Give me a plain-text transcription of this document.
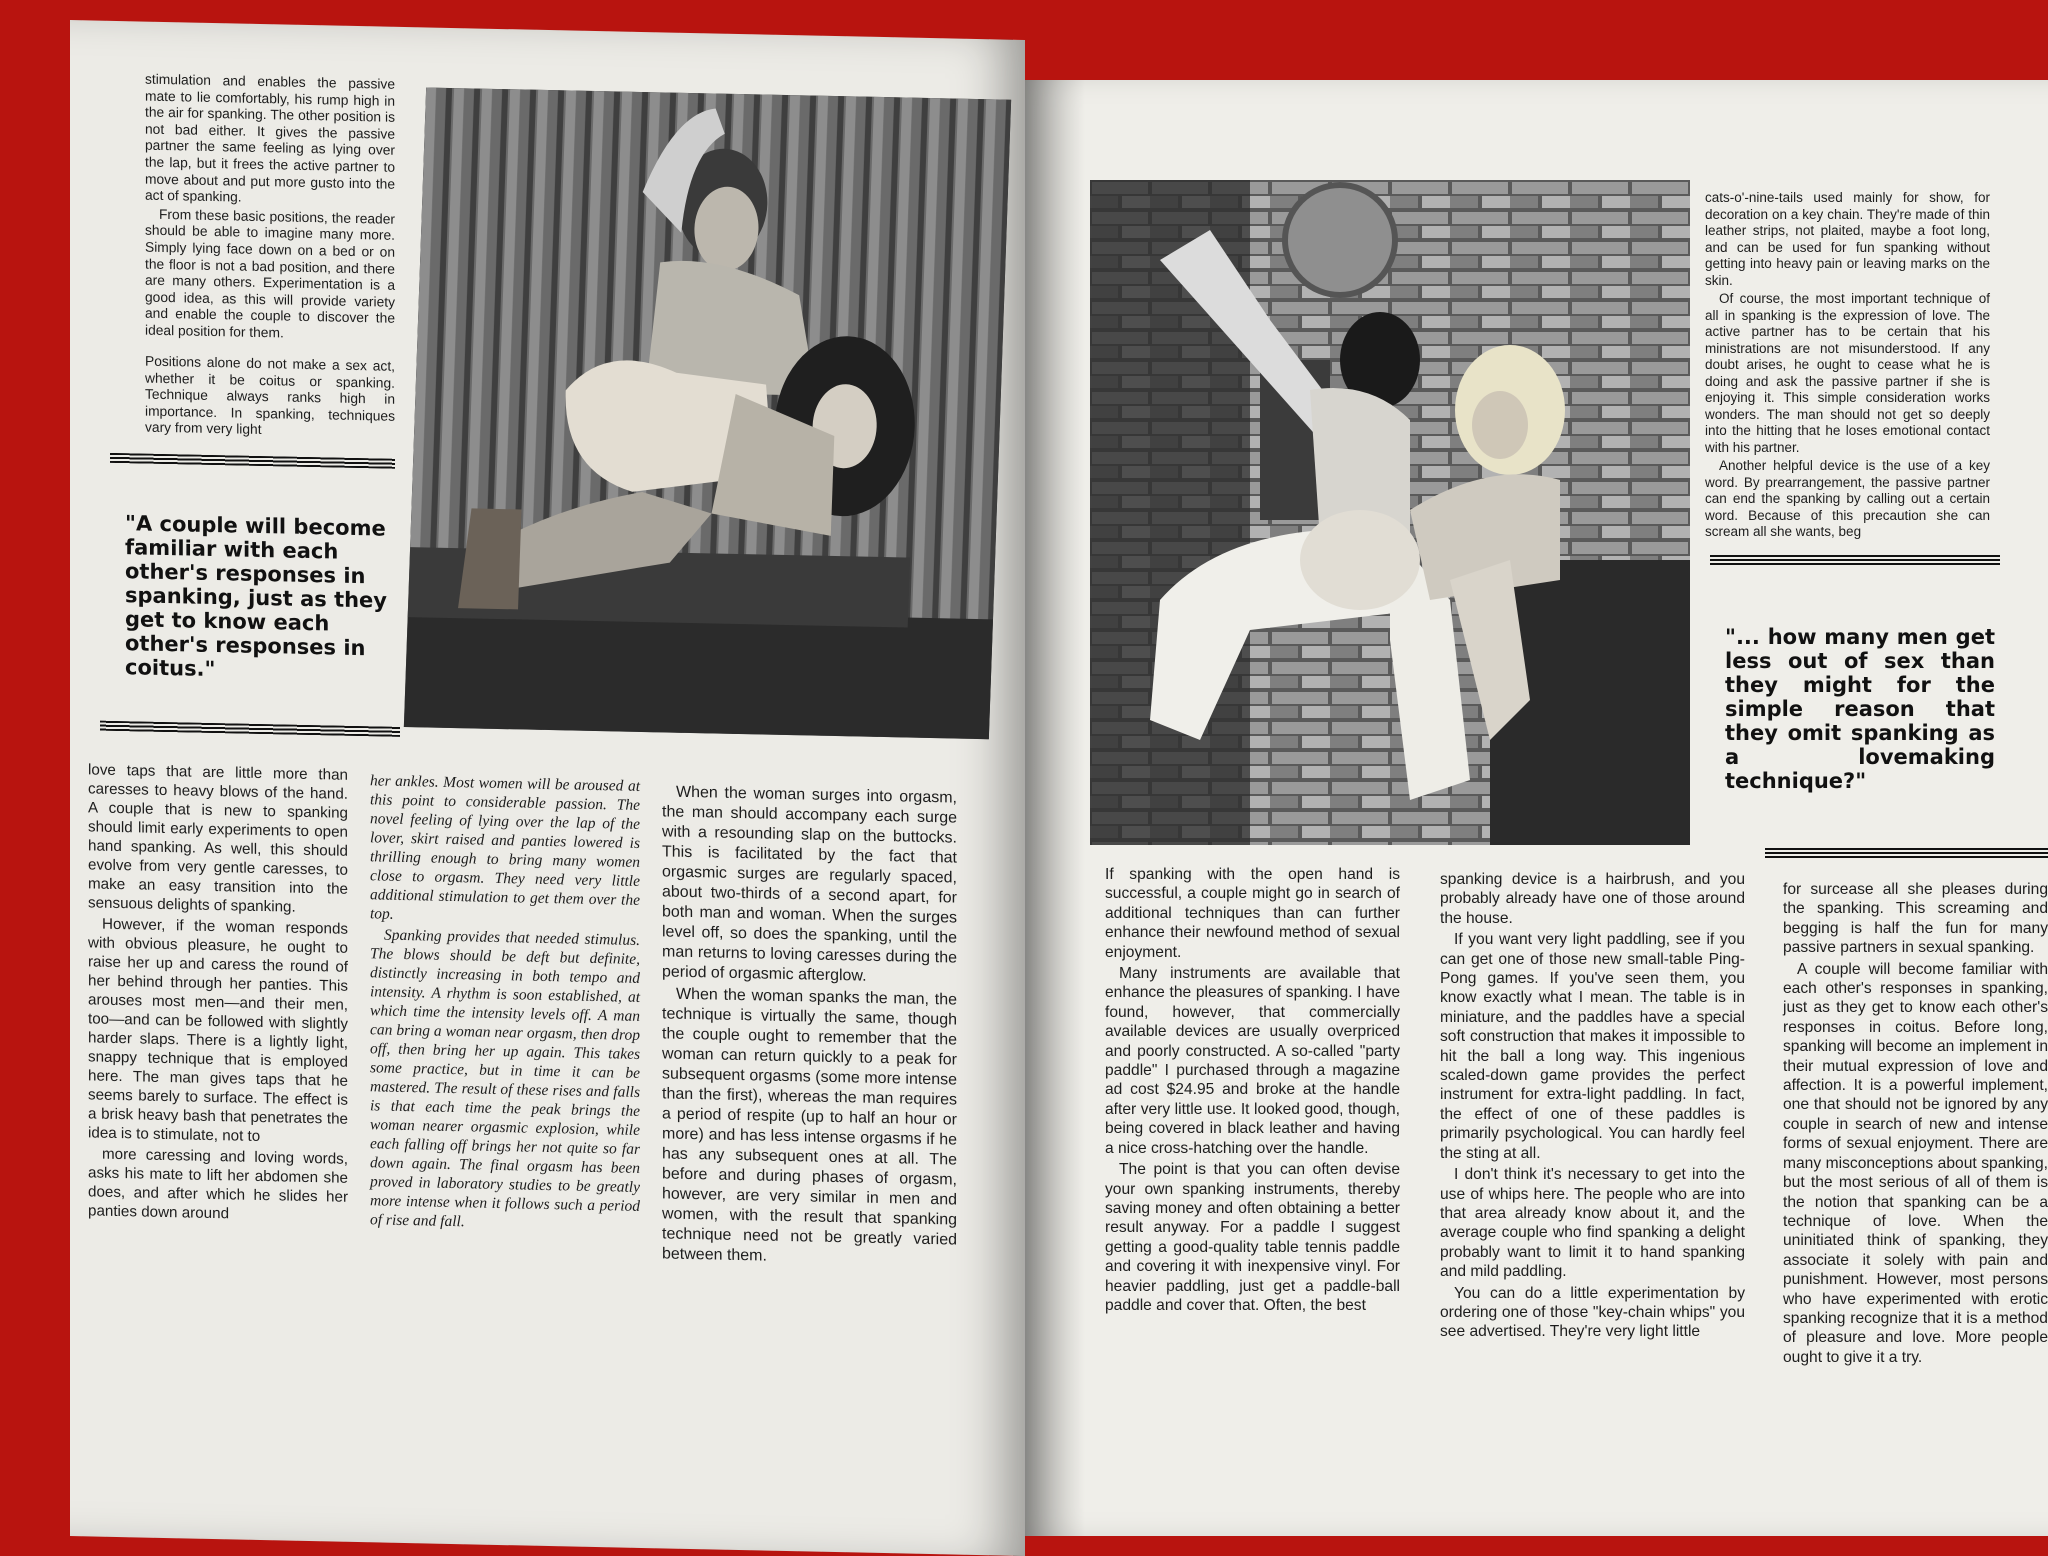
stimulation and enables the passive mate to lie comfortably, his rump high in the air for spanking. The other position is not bad either. It gives the passive partner the same feeling as lying over the lap, but it frees the active partner to move about and put more gusto into the act of spanking.

From these basic positions, the reader should be able to imagine many more. Simply lying face down on a bed or on the floor is not a bad position, and there are many others. Experimentation is a good idea, as this will provide variety and enable the couple to discover the ideal position for them.

Positions alone do not make a sex act, whether it be coitus or spanking. Technique always ranks high in importance. In spanking, techniques vary from very light

"A couple will become familiar with each other's responses in spanking, just as they get to know each other's responses in coitus."

love taps that are little more than caresses to heavy blows of the hand. A couple that is new to spanking should limit early experiments to open hand spanking. As well, this should evolve from very gentle caresses, to make an easy transition into the sensuous delights of spanking.

However, if the woman responds with obvious pleasure, he ought to raise her up and caress the round of her behind through her panties. This arouses most men—and their men, too—and can be followed with slightly harder slaps. There is a lightly light, snappy technique that is employed here. The man gives taps that he seems barely to surface. The effect is a brisk heavy bash that penetrates the idea is to stimulate, not to

more caressing and loving words, asks his mate to lift her abdomen she does, and after which he slides her panties down around

her ankles. Most women will be aroused at this point to considerable passion. The novel feeling of lying over the lap of the lover, skirt raised and panties lowered is thrilling enough to bring many women close to orgasm. They need very little additional stimulation to get them over the top.

Spanking provides that needed stimulus. The blows should be deft but definite, distinctly increasing in both tempo and intensity. A rhythm is soon established, at which time the intensity levels off. A man can bring a woman near orgasm, then drop off, then bring her up again. This takes some practice, but in time it can be mastered. The result of these rises and falls is that each time the peak brings the woman nearer orgasmic explosion, while each falling off brings her not quite so far down again. The final orgasm has been proved in laboratory studies to be greatly more intense when it follows such a period of rise and fall.

When the woman surges into orgasm, the man should accompany each surge with a resounding slap on the buttocks. This is facilitated by the fact that orgasmic surges are regularly spaced, about two-thirds of a second apart, for both man and woman. When the surges level off, so does the spanking, until the man returns to loving caresses during the period of orgasmic afterglow.

When the woman spanks the man, the technique is virtually the same, though the couple ought to remember that the woman can return quickly to a peak for subsequent orgasms (some more intense than the first), whereas the man requires a period of respite (up to half an hour or more) and has less intense orgasms if he has any subsequent ones at all. The before and during phases of orgasm, however, are very similar in men and women, with the result that spanking technique need not be greatly varied between them.

cats-o'-nine-tails used mainly for show, for decoration on a key chain. They're made of thin leather strips, not plaited, maybe a foot long, and can be used for fun spanking without getting into heavy pain or leaving marks on the skin.

Of course, the most important technique of all in spanking is the expression of love. The active partner has to be certain that his ministrations are not misunderstood. If any doubt arises, he ought to cease what he is doing and ask the passive partner if she is enjoying it. This simple consideration works wonders. The man should not get so deeply into the hitting that he loses emotional contact with his partner.

Another helpful device is the use of a key word. By prearrangement, the passive partner can end the spanking by calling out a certain word. Because of this precaution she can scream all she wants, beg

"... how many men get less out of sex than they might for the simple reason that they omit spanking as a lovemaking technique?"

If spanking with the open hand is successful, a couple might go in search of additional techniques than can further enhance their newfound method of sexual enjoyment.

Many instruments are available that enhance the pleasures of spanking. I have found, however, that commercially available devices are usually overpriced and poorly constructed. A so-called "party paddle" I purchased through a magazine ad cost $24.95 and broke at the handle after very little use. It looked good, though, being covered in black leather and having a nice cross-hatching over the handle.

The point is that you can often devise your own spanking instruments, thereby saving money and often obtaining a better result anyway. For a paddle I suggest getting a good-quality table tennis paddle and covering it with inexpensive vinyl. For heavier paddling, just get a paddle-ball paddle and cover that. Often, the best

spanking device is a hairbrush, and you probably already have one of those around the house.

If you want very light paddling, see if you can get one of those new small-table Ping-Pong games. If you've seen them, you know exactly what I mean. The table is in miniature, and the paddles have a special soft construction that makes it impossible to hit the ball a long way. This ingenious scaled-down game provides the perfect instrument for extra-light paddling. In fact, the effect of one of these paddles is primarily psychological. You can hardly feel the sting at all.

I don't think it's necessary to get into the use of whips here. The people who are into that area already know about it, and the average couple who find spanking a delight probably want to limit it to hand spanking and mild paddling.

You can do a little experimentation by ordering one of those "key-chain whips" you see advertised. They're very light little

for surcease all she pleases during the spanking. This screaming and begging is half the fun for many passive partners in sexual spanking.

A couple will become familiar with each other's responses in spanking, just as they get to know each other's responses in coitus. Before long, spanking will become an implement in their mutual expression of love and affection. It is a powerful implement, one that should not be ignored by any couple in search of new and intense forms of sexual enjoyment. There are many misconceptions about spanking, but the most serious of all of them is the notion that spanking can be a technique of love. When the uninitiated think of spanking, they associate it solely with pain and punishment. However, most persons who have experimented with erotic spanking recognize that it is a method of pleasure and love. More people ought to give it a try.
